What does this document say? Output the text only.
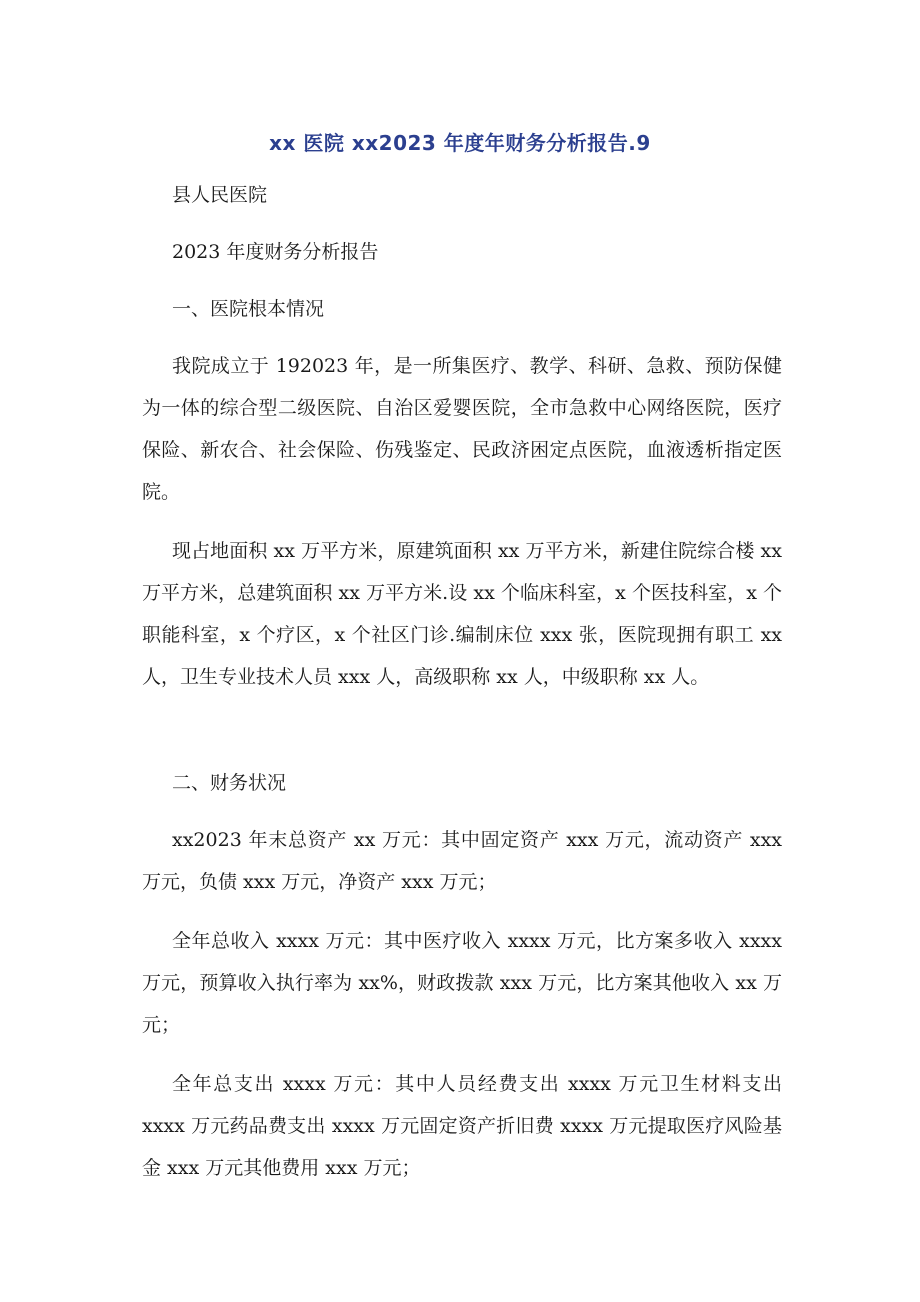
xx 医院 xx2023 年度年财务分析报告.9
县人民医院
2023 年度财务分析报告
一、医院根本情况
我院成立于 192023 年，是一所集医疗、教学、科研、急救、预防保健为一体的综合型二级医院、自治区爱婴医院，全市急救中心网络医院，医疗保险、新农合、社会保险、伤残鉴定、民政济困定点医院，血液透析指定医院。
现占地面积 xx 万平方米，原建筑面积 xx 万平方米，新建住院综合楼 xx 万平方米，总建筑面积 xx 万平方米.设 xx 个临床科室，x 个医技科室，x 个职能科室，x 个疗区，x 个社区门诊.编制床位 xxx 张，医院现拥有职工 xx 人，卫生专业技术人员 xxx 人，高级职称 xx 人，中级职称 xx 人。
二、财务状况
xx2023 年末总资产 xx 万元：其中固定资产 xxx 万元，流动资产 xxx 万元，负债 xxx 万元，净资产 xxx 万元；
全年总收入 xxxx 万元：其中医疗收入 xxxx 万元，比方案多收入 xxxx 万元，预算收入执行率为 xx%，财政拨款 xxx 万元，比方案其他收入 xx 万元；
全年总支出 xxxx 万元：其中人员经费支出 xxxx 万元卫生材料支出 xxxx 万元药品费支出 xxxx 万元固定资产折旧费 xxxx 万元提取医疗风险基金 xxx 万元其他费用 xxx 万元；
